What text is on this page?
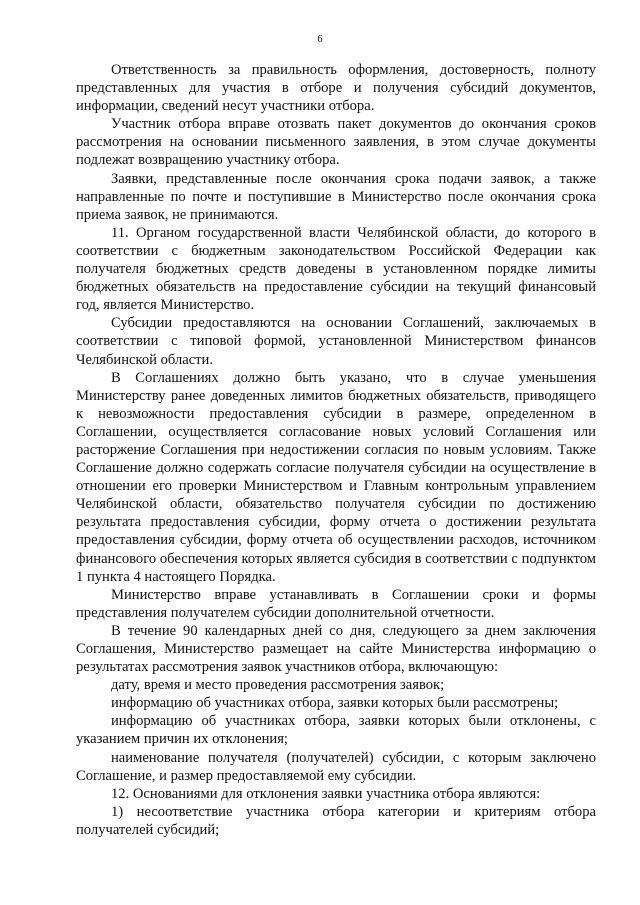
6

Ответственность за правильность оформления, достоверность, полноту представленных для участия в отборе и получения субсидий документов, информации, сведений несут участники отбора.

Участник отбора вправе отозвать пакет документов до окончания сроков рассмотрения на основании письменного заявления, в этом случае документы подлежат возвращению участнику отбора.

Заявки, представленные после окончания срока подачи заявок, а также направленные по почте и поступившие в Министерство после окончания срока приема заявок, не принимаются.

11. Органом государственной власти Челябинской области, до которого в соответствии с бюджетным законодательством Российской Федерации как получателя бюджетных средств доведены в установленном порядке лимиты бюджетных обязательств на предоставление субсидии на текущий финансовый год, является Министерство.

Субсидии предоставляются на основании Соглашений, заключаемых в соответствии с типовой формой, установленной Министерством финансов Челябинской области.

В Соглашениях должно быть указано, что в случае уменьшения Министерству ранее доведенных лимитов бюджетных обязательств, приводящего к невозможности предоставления субсидии в размере, определенном в Соглашении, осуществляется согласование новых условий Соглашения или расторжение Соглашения при недостижении согласия по новым условиям. Также Соглашение должно содержать согласие получателя субсидии на осуществление в отношении его проверки Министерством и Главным контрольным управлением Челябинской области, обязательство получателя субсидии по достижению результата предоставления субсидии, форму отчета о достижении результата предоставления субсидии, форму отчета об осуществлении расходов, источником финансового обеспечения которых является субсидия в соответствии с подпунктом 1 пункта 4 настоящего Порядка.

Министерство вправе устанавливать в Соглашении сроки и формы представления получателем субсидии дополнительной отчетности.

В течение 90 календарных дней со дня, следующего за днем заключения Соглашения, Министерство размещает на сайте Министерства информацию о результатах рассмотрения заявок участников отбора, включающую:

дату, время и место проведения рассмотрения заявок;

информацию об участниках отбора, заявки которых были рассмотрены;

информацию об участниках отбора, заявки которых были отклонены, с указанием причин их отклонения;

наименование получателя (получателей) субсидии, с которым заключено Соглашение, и размер предоставляемой ему субсидии.

12. Основаниями для отклонения заявки участника отбора являются:

1) несоответствие участника отбора категории и критериям отбора получателей субсидий;
